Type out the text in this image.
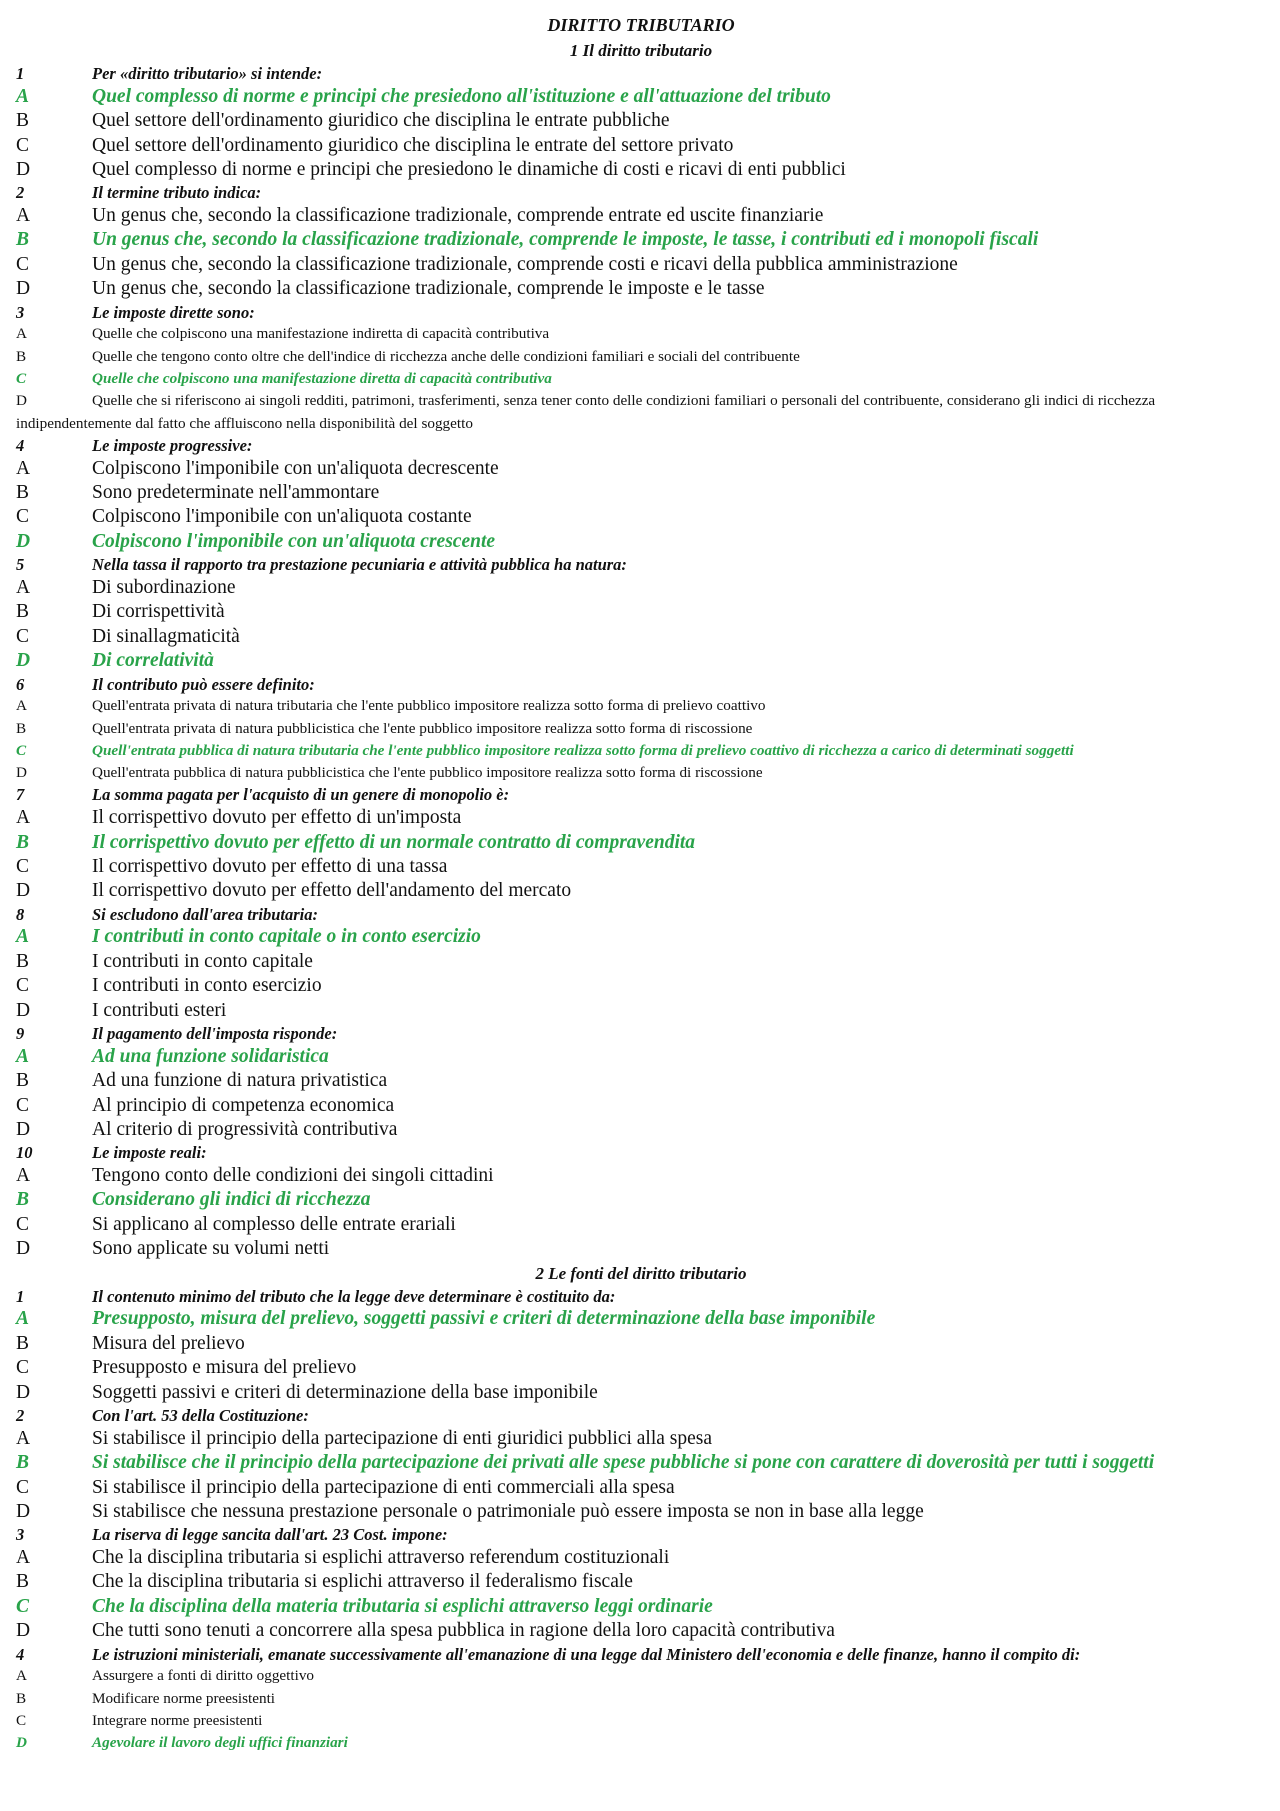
DIRITTO TRIBUTARIO
1 Il diritto tributario
1	Per «diritto tributario» si intende:
A	Quel complesso di norme e principi che presiedono all'istituzione e all'attuazione del tributo
B	Quel settore dell'ordinamento giuridico che disciplina le entrate pubbliche
C	Quel settore dell'ordinamento giuridico che disciplina le entrate del settore privato
D	Quel complesso di norme e principi che presiedono le dinamiche di costi e ricavi di enti pubblici
2	Il termine tributo indica:
A	Un genus che, secondo la classificazione tradizionale, comprende entrate ed uscite finanziarie
B	Un genus che, secondo la classificazione tradizionale, comprende le imposte, le tasse, i contributi ed i monopoli fiscali
C	Un genus che, secondo la classificazione tradizionale, comprende costi e ricavi della pubblica amministrazione
D	Un genus che, secondo la classificazione tradizionale, comprende le imposte e le tasse
3	Le imposte dirette sono:
A	Quelle che colpiscono una manifestazione indiretta di capacità contributiva
B	Quelle che tengono conto oltre che dell'indice di ricchezza anche delle condizioni familiari e sociali del contribuente
C	Quelle che colpiscono una manifestazione diretta di capacità contributiva
D	Quelle che si riferiscono ai singoli redditi, patrimoni, trasferimenti, senza tener conto delle condizioni familiari o personali del contribuente, considerano gli indici di ricchezza indipendentemente dal fatto che affluiscono nella disponibilità del soggetto
4	Le imposte progressive:
A	Colpiscono l'imponibile con un'aliquota decrescente
B	Sono predeterminate nell'ammontare
C	Colpiscono l'imponibile con un'aliquota costante
D	Colpiscono l'imponibile con un'aliquota crescente
5	Nella tassa il rapporto tra prestazione pecuniaria e attività pubblica ha natura:
A	Di subordinazione
B	Di corrispettività
C	Di sinallagmaticità
D	Di correlatività
6	Il contributo può essere definito:
A	Quell'entrata privata di natura tributaria che l'ente pubblico impositore realizza sotto forma di prelievo coattivo
B	Quell'entrata privata di natura pubblicistica che l'ente pubblico impositore realizza sotto forma di riscossione
C	Quell'entrata pubblica di natura tributaria che l'ente pubblico impositore realizza sotto forma di prelievo coattivo di ricchezza a carico di determinati soggetti
D	Quell'entrata pubblica di natura pubblicistica che l'ente pubblico impositore realizza sotto forma di riscossione
7	La somma pagata per l'acquisto di un genere di monopolio è:
A	Il corrispettivo dovuto per effetto di un'imposta
B	Il corrispettivo dovuto per effetto di un normale contratto di compravendita
C	Il corrispettivo dovuto per effetto di una tassa
D	Il corrispettivo dovuto per effetto dell'andamento del mercato
8	Si escludono dall'area tributaria:
A	I contributi in conto capitale o in conto esercizio
B	I contributi in conto capitale
C	I contributi in conto esercizio
D	I contributi esteri
9	Il pagamento dell'imposta risponde:
A	Ad una funzione solidaristica
B	Ad una funzione di natura privatistica
C	Al principio di competenza economica
D	Al criterio di progressività contributiva
10	Le imposte reali:
A	Tengono conto delle condizioni dei singoli cittadini
B	Considerano gli indici di ricchezza
C	Si applicano al complesso delle entrate erariali
D	Sono applicate su volumi netti
2 Le fonti del diritto tributario
1	Il contenuto minimo del tributo che la legge deve determinare è costituito da:
A	Presupposto, misura del prelievo, soggetti passivi e criteri di determinazione della base imponibile
B	Misura del prelievo
C	Presupposto e misura del prelievo
D	Soggetti passivi e criteri di determinazione della base imponibile
2	Con l'art. 53 della Costituzione:
A	Si stabilisce il principio della partecipazione di enti giuridici pubblici alla spesa
B	Si stabilisce che il principio della partecipazione dei privati alle spese pubbliche si pone con carattere di doverosità per tutti i soggetti
C	Si stabilisce il principio della partecipazione di enti commerciali alla spesa
D	Si stabilisce che nessuna prestazione personale o patrimoniale può essere imposta se non in base alla legge
3	La riserva di legge sancita dall'art. 23 Cost. impone:
A	Che la disciplina tributaria si esplichi attraverso referendum costituzionali
B	Che la disciplina tributaria si esplichi attraverso il federalismo fiscale
C	Che la disciplina della materia tributaria si esplichi attraverso leggi ordinarie
D	Che tutti sono tenuti a concorrere alla spesa pubblica in ragione della loro capacità contributiva
4	Le istruzioni ministeriali, emanate successivamente all'emanazione di una legge dal Ministero dell'economia e delle finanze, hanno il compito di:
A	Assurgere a fonti di diritto oggettivo
B	Modificare norme preesistenti
C	Integrare norme preesistenti
D	Agevolare il lavoro degli uffici finanziari
